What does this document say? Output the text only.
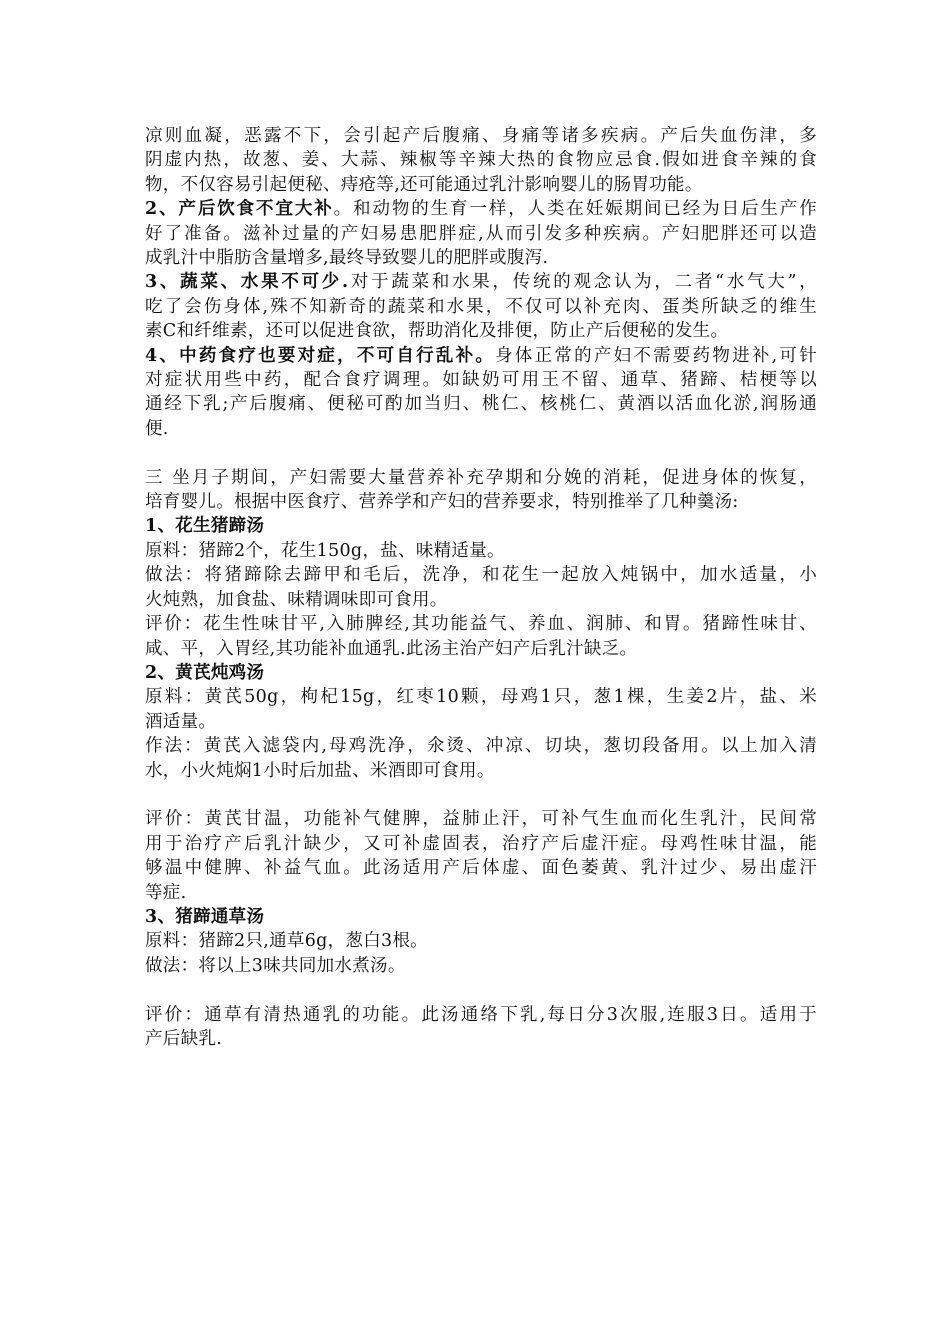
凉则血凝，恶露不下，会引起产后腹痛、身痛等诸多疾病。产后失血伤津，多
阴虚内热，故葱、姜、大蒜、辣椒等辛辣大热的食物应忌食.假如进食辛辣的食
物，不仅容易引起便秘、痔疮等,还可能通过乳汁影响婴儿的肠胃功能。
2、产后饮食不宜大补。和动物的生育一样，人类在妊娠期间已经为日后生产作
好了准备。滋补过量的产妇易患肥胖症,从而引发多种疾病。产妇肥胖还可以造
成乳汁中脂肪含量增多,最终导致婴儿的肥胖或腹泻.
3、蔬菜、水果不可少.对于蔬菜和水果，传统的观念认为，二者“水气大”，
吃了会伤身体,殊不知新奇的蔬菜和水果，不仅可以补充肉、蛋类所缺乏的维生
素C和纤维素，还可以促进食欲，帮助消化及排便，防止产后便秘的发生。
4、中药食疗也要对症，不可自行乱补。身体正常的产妇不需要药物进补,可针
对症状用些中药，配合食疗调理。如缺奶可用王不留、通草、猪蹄、桔梗等以
通经下乳;产后腹痛、便秘可酌加当归、桃仁、核桃仁、黄酒以活血化淤,润肠通
便.
三 坐月子期间，产妇需要大量营养补充孕期和分娩的消耗，促进身体的恢复，
培育婴儿。根据中医食疗、营养学和产妇的营养要求，特别推举了几种羹汤:
1、花生猪蹄汤
原料：猪蹄2个，花生150g，盐、味精适量。
做法：将猪蹄除去蹄甲和毛后，洗净，和花生一起放入炖锅中，加水适量，小
火炖熟，加食盐、味精调味即可食用。
评价：花生性味甘平,入肺脾经,其功能益气、养血、润肺、和胃。猪蹄性味甘、
咸、平，入胃经,其功能补血通乳.此汤主治产妇产后乳汁缺乏。
2、黄芪炖鸡汤
原料：黄芪50g，枸杞15g，红枣10颗，母鸡1只，葱1棵，生姜2片，盐、米
酒适量。
作法：黄芪入滤袋内,母鸡洗净，氽烫、冲凉、切块，葱切段备用。以上加入清
水，小火炖焖1小时后加盐、米酒即可食用。
评价：黄芪甘温，功能补气健脾，益肺止汗，可补气生血而化生乳汁，民间常
用于治疗产后乳汁缺少，又可补虚固表，治疗产后虚汗症。母鸡性味甘温，能
够温中健脾、补益气血。此汤适用产后体虚、面色萎黄、乳汁过少、易出虚汗
等症.
3、猪蹄通草汤
原料：猪蹄2只,通草6g，葱白3根。
做法：将以上3味共同加水煮汤。
评价：通草有清热通乳的功能。此汤通络下乳,每日分3次服,连服3日。适用于
产后缺乳.
